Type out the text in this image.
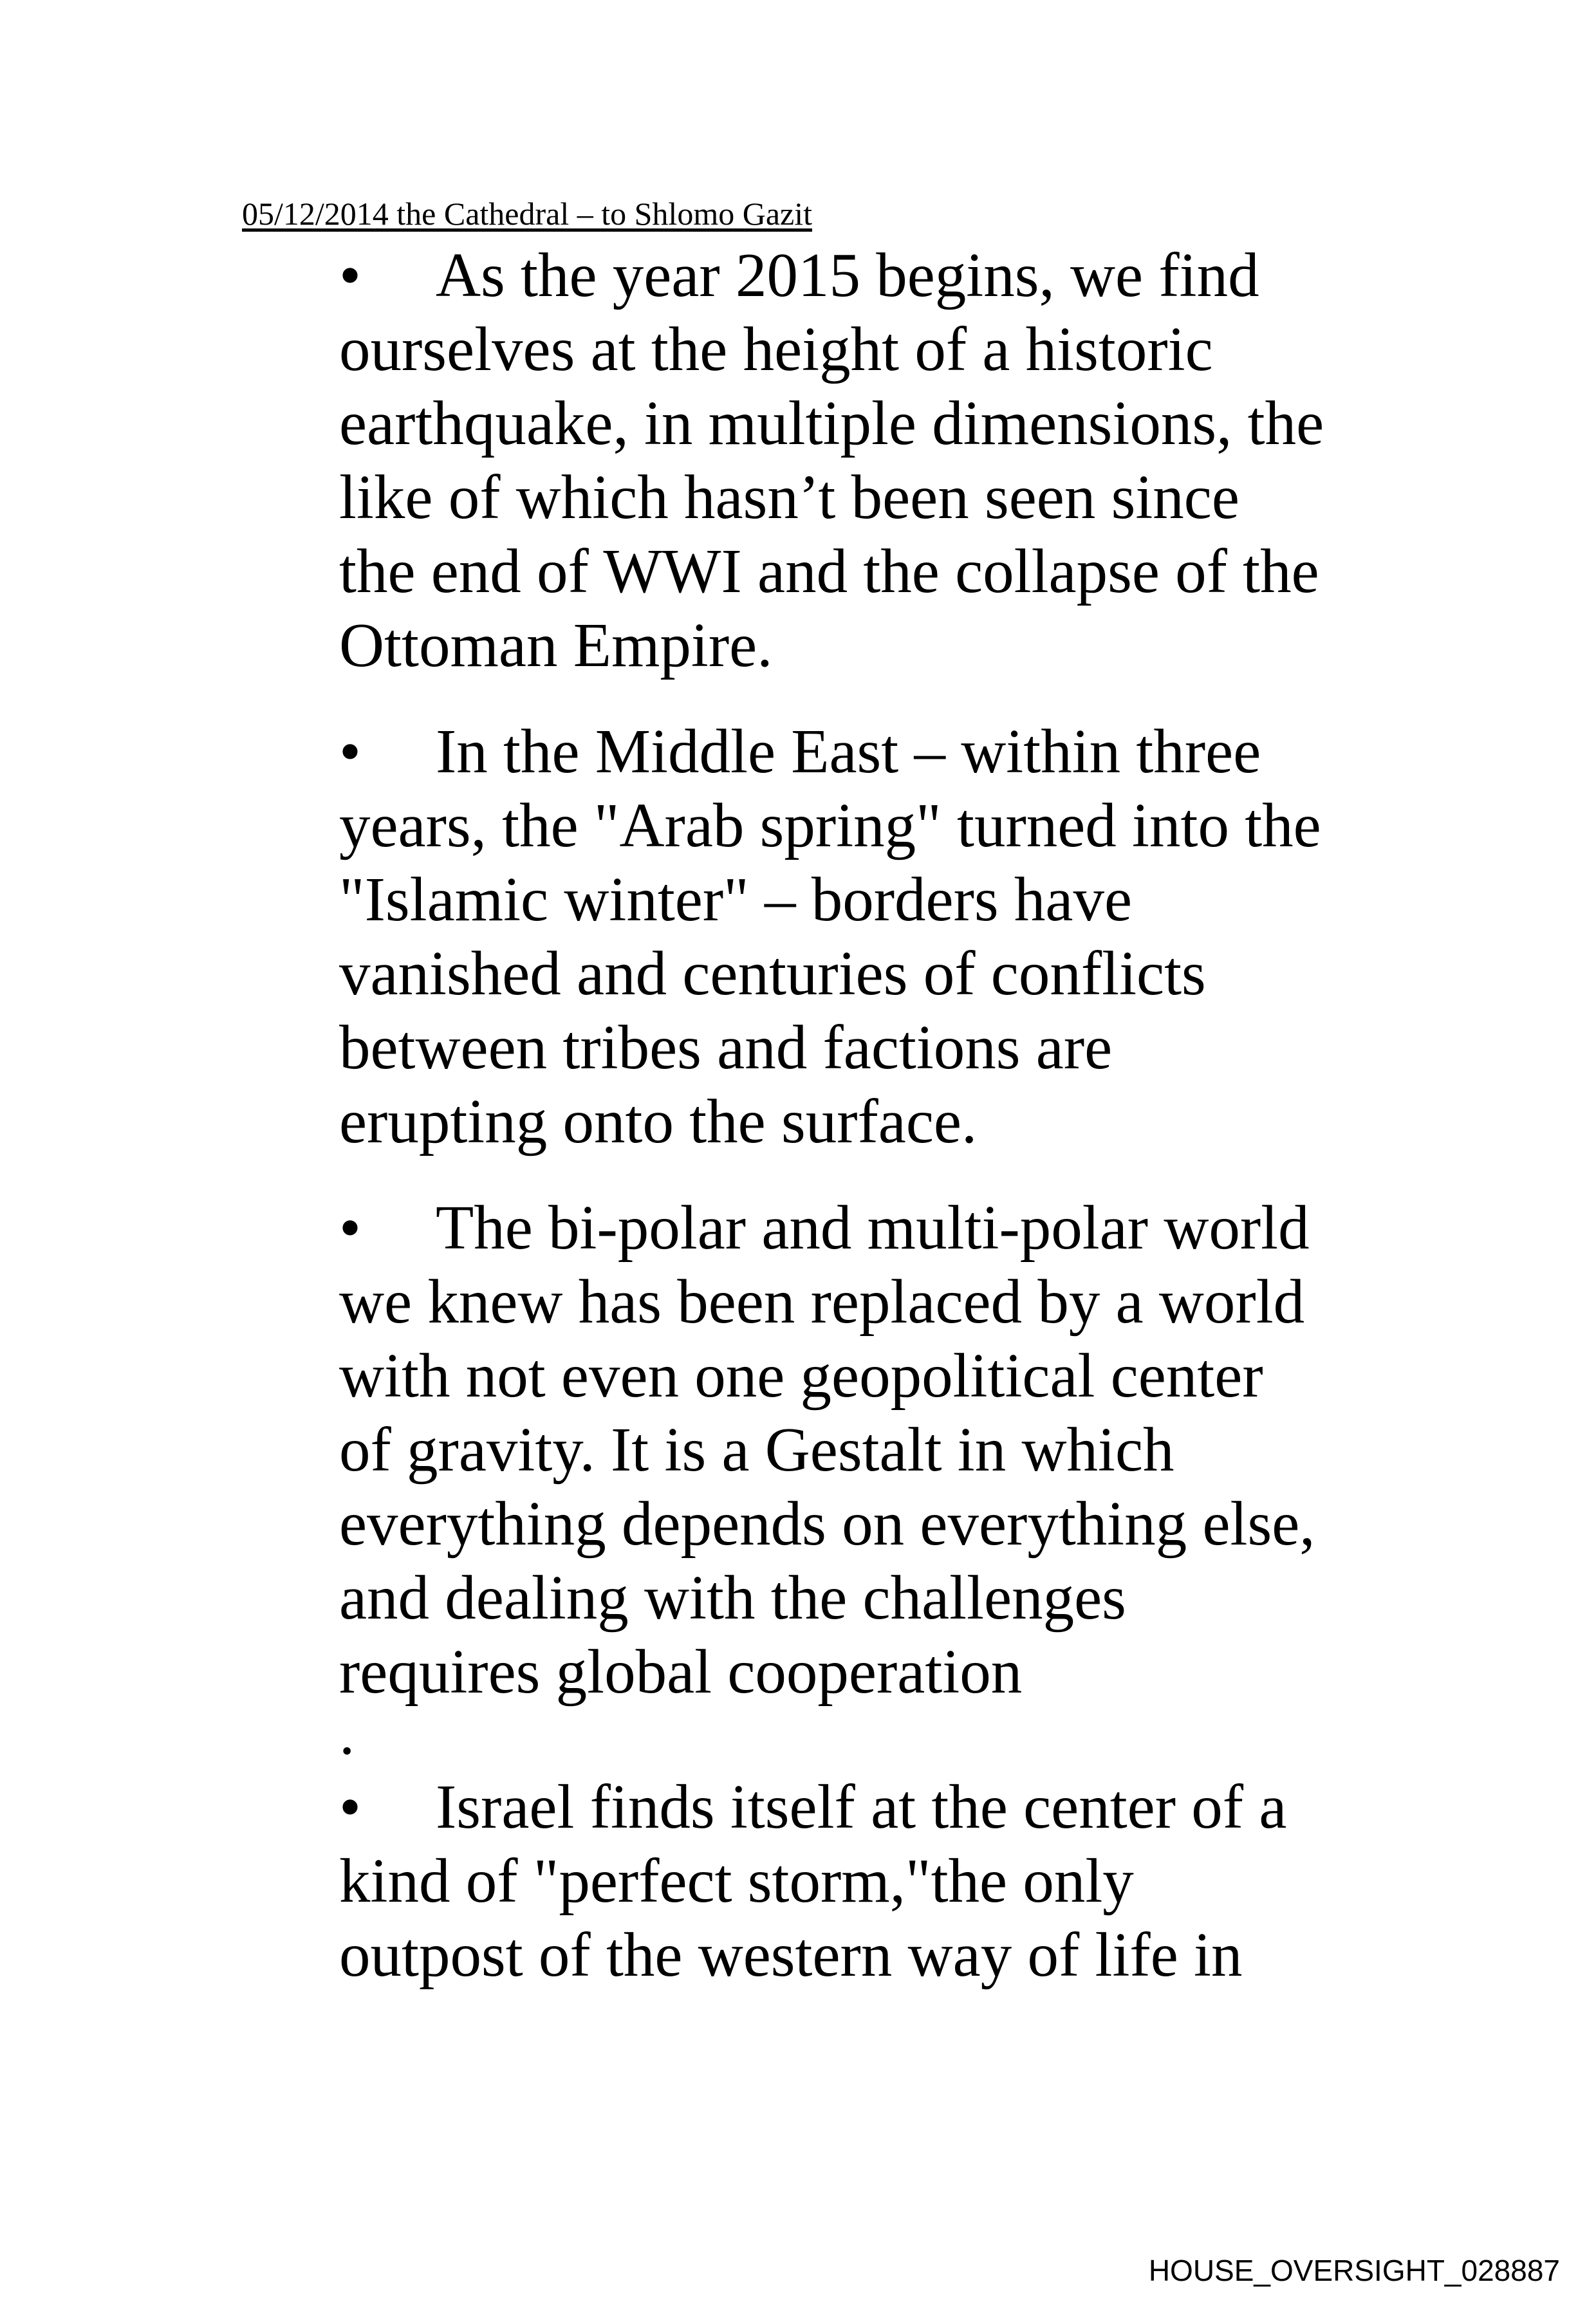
05/12/2014 the Cathedral – to Shlomo Gazit
• As the year 2015 begins, we find
ourselves at the height of a historic
earthquake, in multiple dimensions, the
like of which hasn’t been seen since
the end of WWI and the collapse of the
Ottoman Empire.
• In the Middle East – within three
years, the "Arab spring" turned into the
"Islamic winter" – borders have
vanished and centuries of conflicts
between tribes and factions are
erupting onto the surface.
• The bi-polar and multi-polar world
we knew has been replaced by a world
with not even one geopolitical center
of gravity. It is a Gestalt in which
everything depends on everything else,
and dealing with the challenges
requires global cooperation
.
• Israel finds itself at the center of a
kind of "perfect storm,"the only
outpost of the western way of life in
HOUSE_OVERSIGHT_028887
